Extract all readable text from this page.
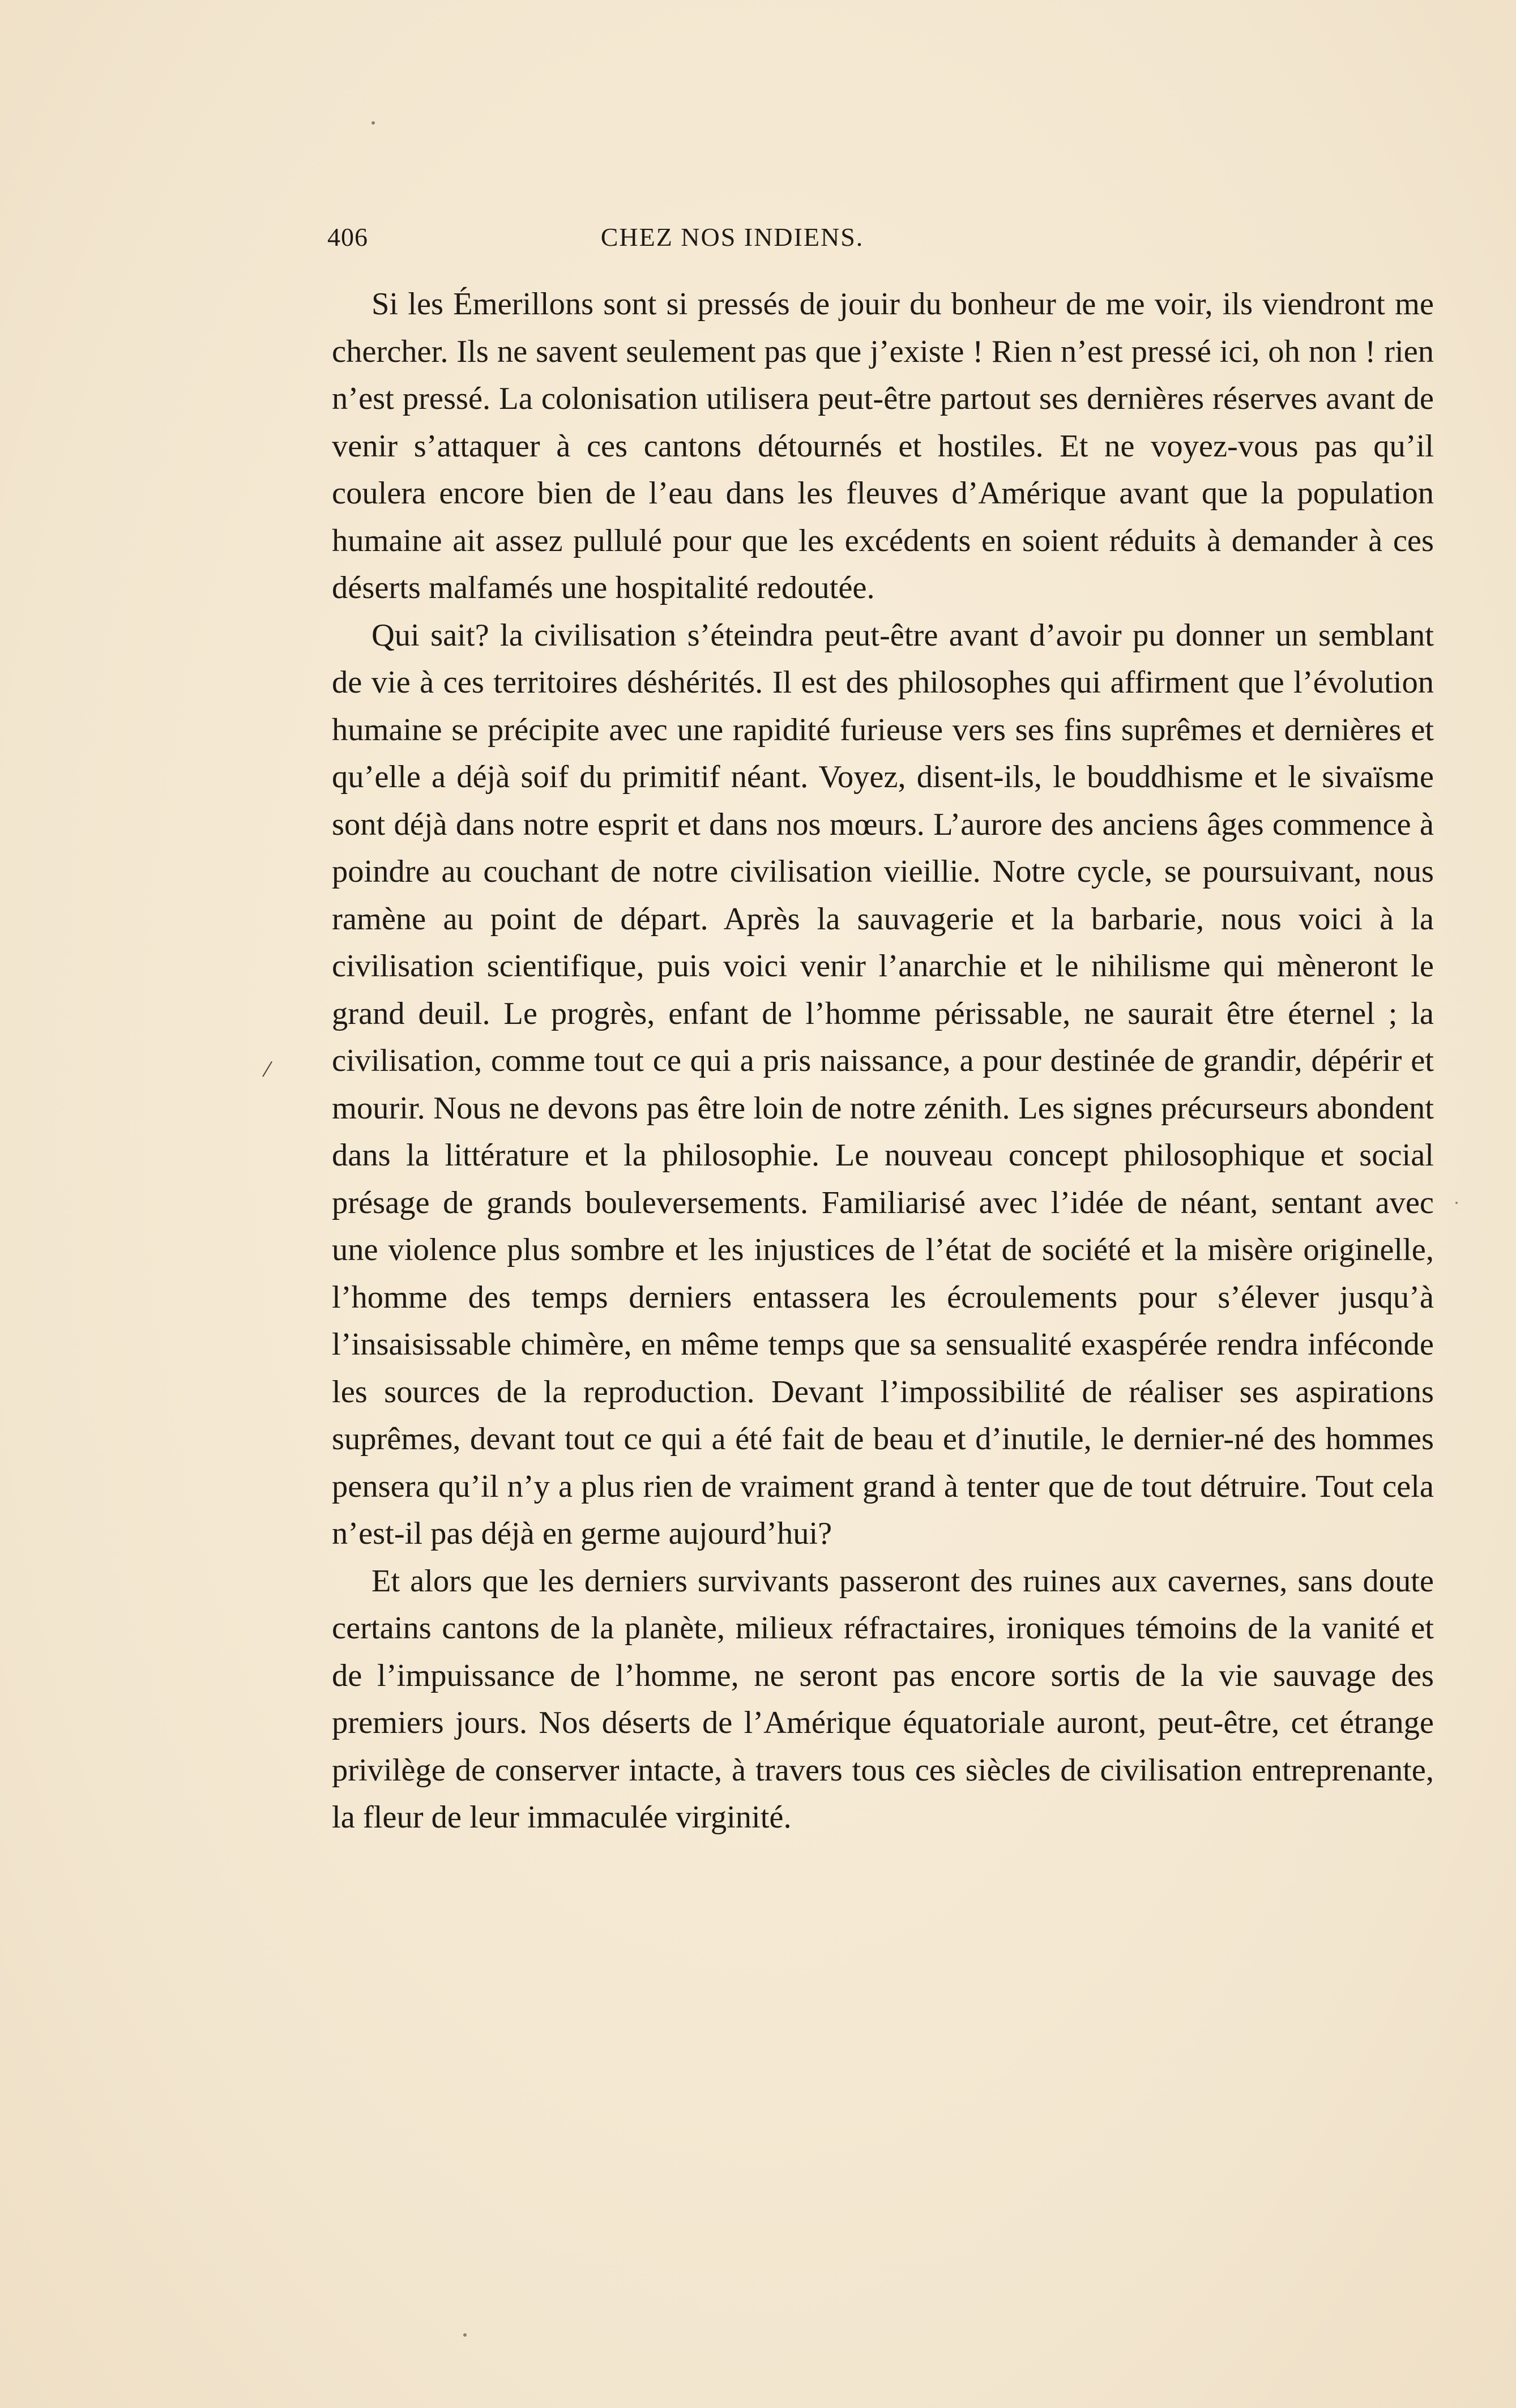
406	CHEZ NOS INDIENS.
/

Si les Émerillons sont si pressés de jouir du bonheur de me voir, ils viendront me chercher. Ils ne savent seulement pas que j’existe ! Rien n’est pressé ici, oh non ! rien n’est pressé. La colonisation utilisera peut-être partout ses dernières réserves avant de venir s’attaquer à ces cantons détournés et hostiles. Et ne voyez-vous pas qu’il coulera encore bien de l’eau dans les fleuves d’Amérique avant que la population humaine ait assez pullulé pour que les excédents en soient réduits à demander à ces déserts malfamés une hospitalité redoutée.

Qui sait? la civilisation s’éteindra peut-être avant d’avoir pu donner un semblant de vie à ces territoires déshérités. Il est des philosophes qui affirment que l’évolution humaine se précipite avec une rapidité furieuse vers ses fins suprêmes et dernières et qu’elle a déjà soif du primitif néant. Voyez, disent-ils, le bouddhisme et le sivaïsme sont déjà dans notre esprit et dans nos mœurs. L’aurore des anciens âges commence à poindre au couchant de notre civilisation vieillie. Notre cycle, se poursuivant, nous ramène au point de départ. Après la sauvagerie et la barbarie, nous voici à la civilisation scientifique, puis voici venir l’anarchie et le nihilisme qui mèneront le grand deuil. Le progrès, enfant de l’homme périssable, ne saurait être éternel ; la civilisation, comme tout ce qui a pris naissance, a pour destinée de grandir, dépérir et mourir. Nous ne devons pas être loin de notre zénith. Les signes précurseurs abondent dans la littérature et la philosophie. Le nouveau concept philosophique et social présage de grands bouleversements. Familiarisé avec l’idée de néant, sentant avec une violence plus sombre et les injustices de l’état de société et la misère originelle, l’homme des temps derniers entassera les écroulements pour s’élever jusqu’à l’insaisissable chimère, en même temps que sa sensualité exaspérée rendra inféconde les sources de la reproduction. Devant l’impossibilité de réaliser ses aspirations suprêmes, devant tout ce qui a été fait de beau et d’inutile, le dernier-né des hommes pensera qu’il n’y a plus rien de vraiment grand à tenter que de tout détruire. Tout cela n’est-il pas déjà en germe aujourd’hui?

Et alors que les derniers survivants passeront des ruines aux cavernes, sans doute certains cantons de la planète, milieux réfractaires, ironiques témoins de la vanité et de l’impuissance de l’homme, ne seront pas encore sortis de la vie sauvage des premiers jours. Nos déserts de l’Amérique équatoriale auront, peut-être, cet étrange privilège de conserver intacte, à travers tous ces siècles de civilisation entreprenante, la fleur de leur immaculée virginité.
